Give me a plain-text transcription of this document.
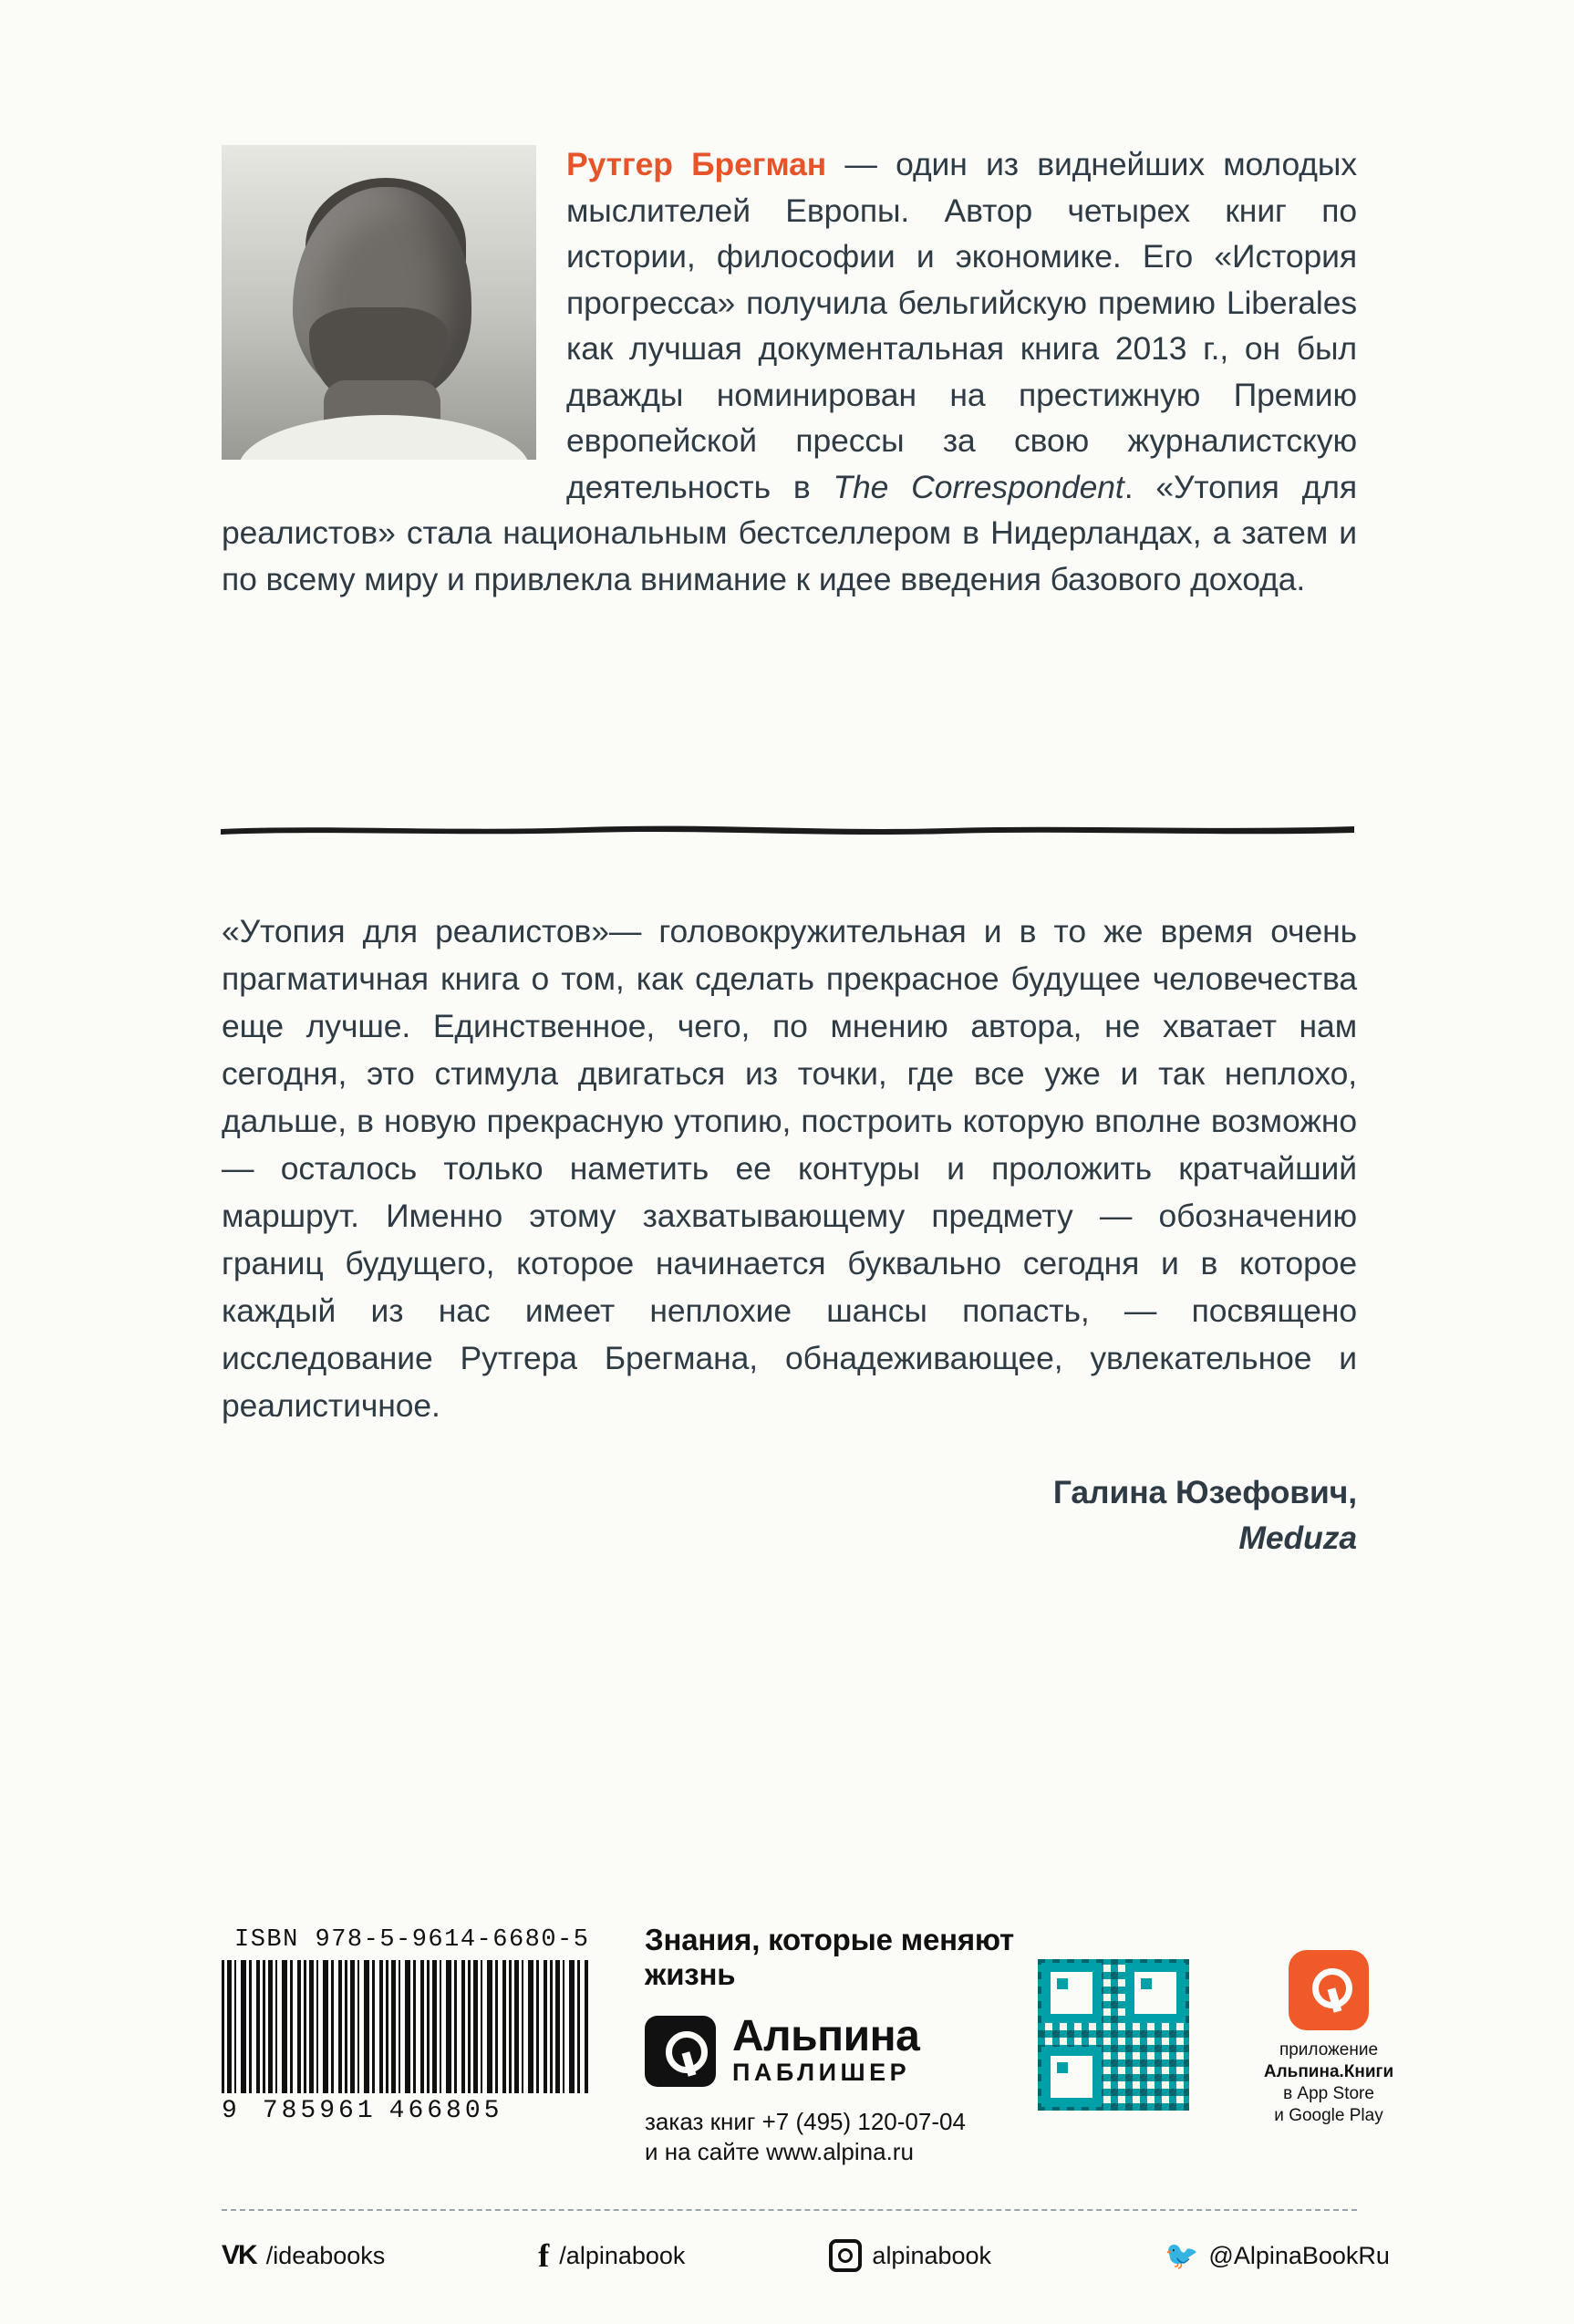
Рутгер Брегман — один из виднейших молодых мыслителей Европы. Автор четырех книг по истории, философии и экономике. Его «История прогресса» получила бельгийскую премию Liberales как лучшая документальная книга 2013 г., он был дважды номинирован на престижную Премию европейской прессы за свою журналистскую деятельность в The Correspondent. «Утопия для реалистов» стала национальным бестселлером в Нидерландах, а затем и по всему миру и привлекла внимание к идее введения базового дохода.

«Утопия для реалистов»— головокружительная и в то же время очень прагматичная книга о том, как сделать прекрасное будущее человечества еще лучше. Единственное, чего, по мнению автора, не хватает нам сегодня, это стимула двигаться из точки, где все уже и так неплохо, дальше, в новую прекрасную утопию, построить которую вполне возможно — осталось только наметить ее контуры и проложить кратчайший маршрут. Именно этому захватывающему предмету — обозначению границ будущего, которое начинается буквально сегодня и в которое каждый из нас имеет неплохие шансы попасть, — посвящено исследование Рутгера Брегмана, обнадеживающее, увлекательное и реалистичное.

Галина Юзефович,
Meduza
ISBN 978-5-9614-6680-5
9 785961 466805
Знания, которые меняют жизнь
Альпина
ПАБЛИШЕР
заказ книг +7 (495) 120-07-04
и на сайте www.alpina.ru
приложение
Альпина.Книги
в App Store
и Google Play
VK /ideabooks	f /alpinabook	alpinabook	🐦 @AlpinaBookRu
